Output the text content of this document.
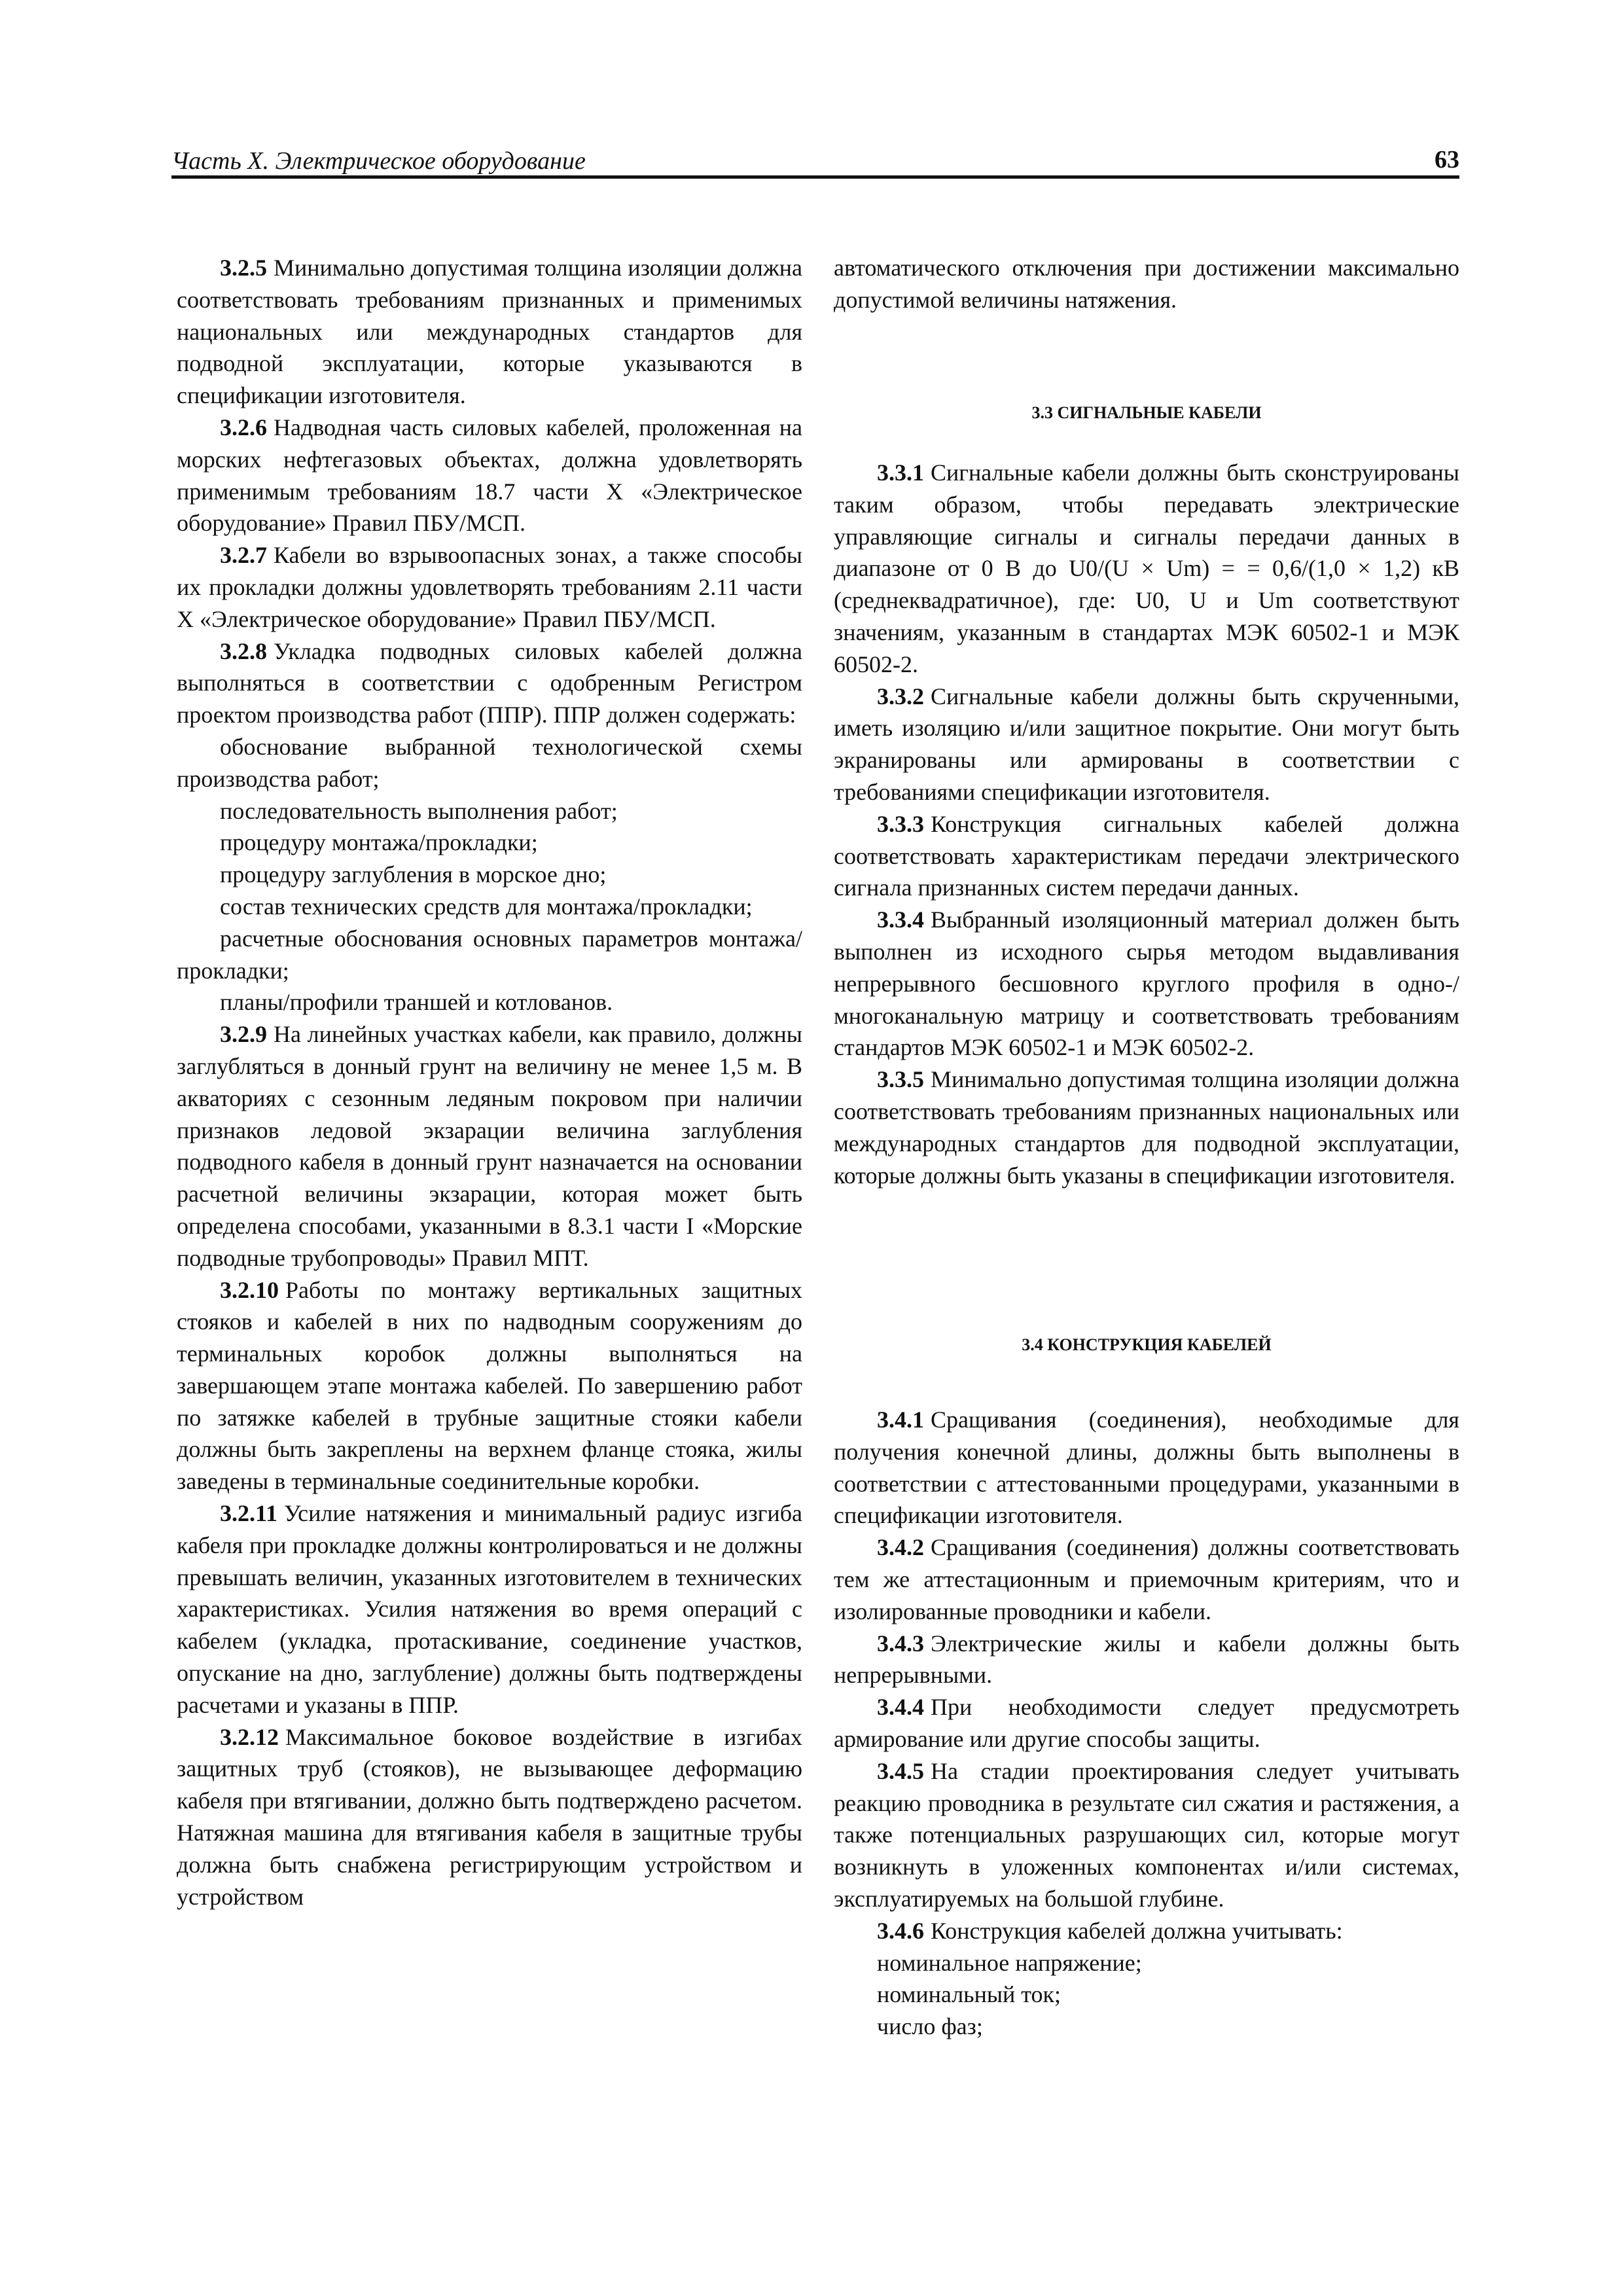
Часть X. Электрическое оборудование	63

3.2.5 Минимально допустимая толщина изоляции должна соответствовать требованиям признанных и применимых национальных или международных стандартов для подводной эксплуатации, которые указываются в спецификации изготовителя.

3.2.6 Надводная часть силовых кабелей, проложенная на морских нефтегазовых объектах, должна удовлетворять применимым требованиям 18.7 части X «Электрическое оборудование» Правил ПБУ/МСП.

3.2.7 Кабели во взрывоопасных зонах, а также способы их прокладки должны удовлетворять требованиям 2.11 части X «Электрическое оборудование» Правил ПБУ/МСП.

3.2.8 Укладка подводных силовых кабелей должна выполняться в соответствии с одобренным Регистром проектом производства работ (ППР). ППР должен содержать:

обоснование выбранной технологической схемы производства работ;

последовательность выполнения работ;

процедуру монтажа/прокладки;

процедуру заглубления в морское дно;

состав технических средств для монтажа/прокладки;

расчетные обоснования основных параметров монтажа/прокладки;

планы/профили траншей и котлованов.

3.2.9 На линейных участках кабели, как правило, должны заглубляться в донный грунт на величину не менее 1,5 м. В акваториях с сезонным ледяным покровом при наличии признаков ледовой экзарации величина заглубления подводного кабеля в донный грунт назначается на основании расчетной величины экзарации, которая может быть определена способами, указанными в 8.3.1 части I «Морские подводные трубопроводы» Правил МПТ.

3.2.10 Работы по монтажу вертикальных защитных стояков и кабелей в них по надводным сооружениям до терминальных коробок должны выполняться на завершающем этапе монтажа кабелей. По завершению работ по затяжке кабелей в трубные защитные стояки кабели должны быть закреплены на верхнем фланце стояка, жилы заведены в терминальные соединительные коробки.

3.2.11 Усилие натяжения и минимальный радиус изгиба кабеля при прокладке должны контролироваться и не должны превышать величин, указанных изготовителем в технических характеристиках. Усилия натяжения во время операций с кабелем (укладка, протаскивание, соединение участков, опускание на дно, заглубление) должны быть подтверждены расчетами и указаны в ППР.

3.2.12 Максимальное боковое воздействие в изгибах защитных труб (стояков), не вызывающее деформацию кабеля при втягивании, должно быть подтверждено расчетом. Натяжная машина для втягивания кабеля в защитные трубы должна быть снабжена регистрирующим устройством и устройством

автоматического отключения при достижении максимально допустимой величины натяжения.

3.3 СИГНАЛЬНЫЕ КАБЕЛИ

3.3.1 Сигнальные кабели должны быть сконструированы таким образом, чтобы передавать электрические управляющие сигналы и сигналы передачи данных в диапазоне от 0 В до U0/(U × Um) = = 0,6/(1,0 × 1,2) кВ (среднеквадратичное), где: U0, U и Um соответствуют значениям, указанным в стандартах МЭК 60502-1 и МЭК 60502-2.

3.3.2 Сигнальные кабели должны быть скрученными, иметь изоляцию и/или защитное покрытие. Они могут быть экранированы или армированы в соответствии с требованиями спецификации изготовителя.

3.3.3 Конструкция сигнальных кабелей должна соответствовать характеристикам передачи электрического сигнала признанных систем передачи данных.

3.3.4 Выбранный изоляционный материал должен быть выполнен из исходного сырья методом выдавливания непрерывного бесшовного круглого профиля в одно-/многоканальную матрицу и соответствовать требованиям стандартов МЭК 60502-1 и МЭК 60502-2.

3.3.5 Минимально допустимая толщина изоляции должна соответствовать требованиям признанных национальных или международных стандартов для подводной эксплуатации, которые должны быть указаны в спецификации изготовителя.

3.4 КОНСТРУКЦИЯ КАБЕЛЕЙ

3.4.1 Сращивания (соединения), необходимые для получения конечной длины, должны быть выполнены в соответствии с аттестованными процедурами, указанными в спецификации изготовителя.

3.4.2 Сращивания (соединения) должны соответствовать тем же аттестационным и приемочным критериям, что и изолированные проводники и кабели.

3.4.3 Электрические жилы и кабели должны быть непрерывными.

3.4.4 При необходимости следует предусмотреть армирование или другие способы защиты.

3.4.5 На стадии проектирования следует учитывать реакцию проводника в результате сил сжатия и растяжения, а также потенциальных разрушающих сил, которые могут возникнуть в уложенных компонентах и/или системах, эксплуатируемых на большой глубине.

3.4.6 Конструкция кабелей должна учитывать:

номинальное напряжение;

номинальный ток;

число фаз;
